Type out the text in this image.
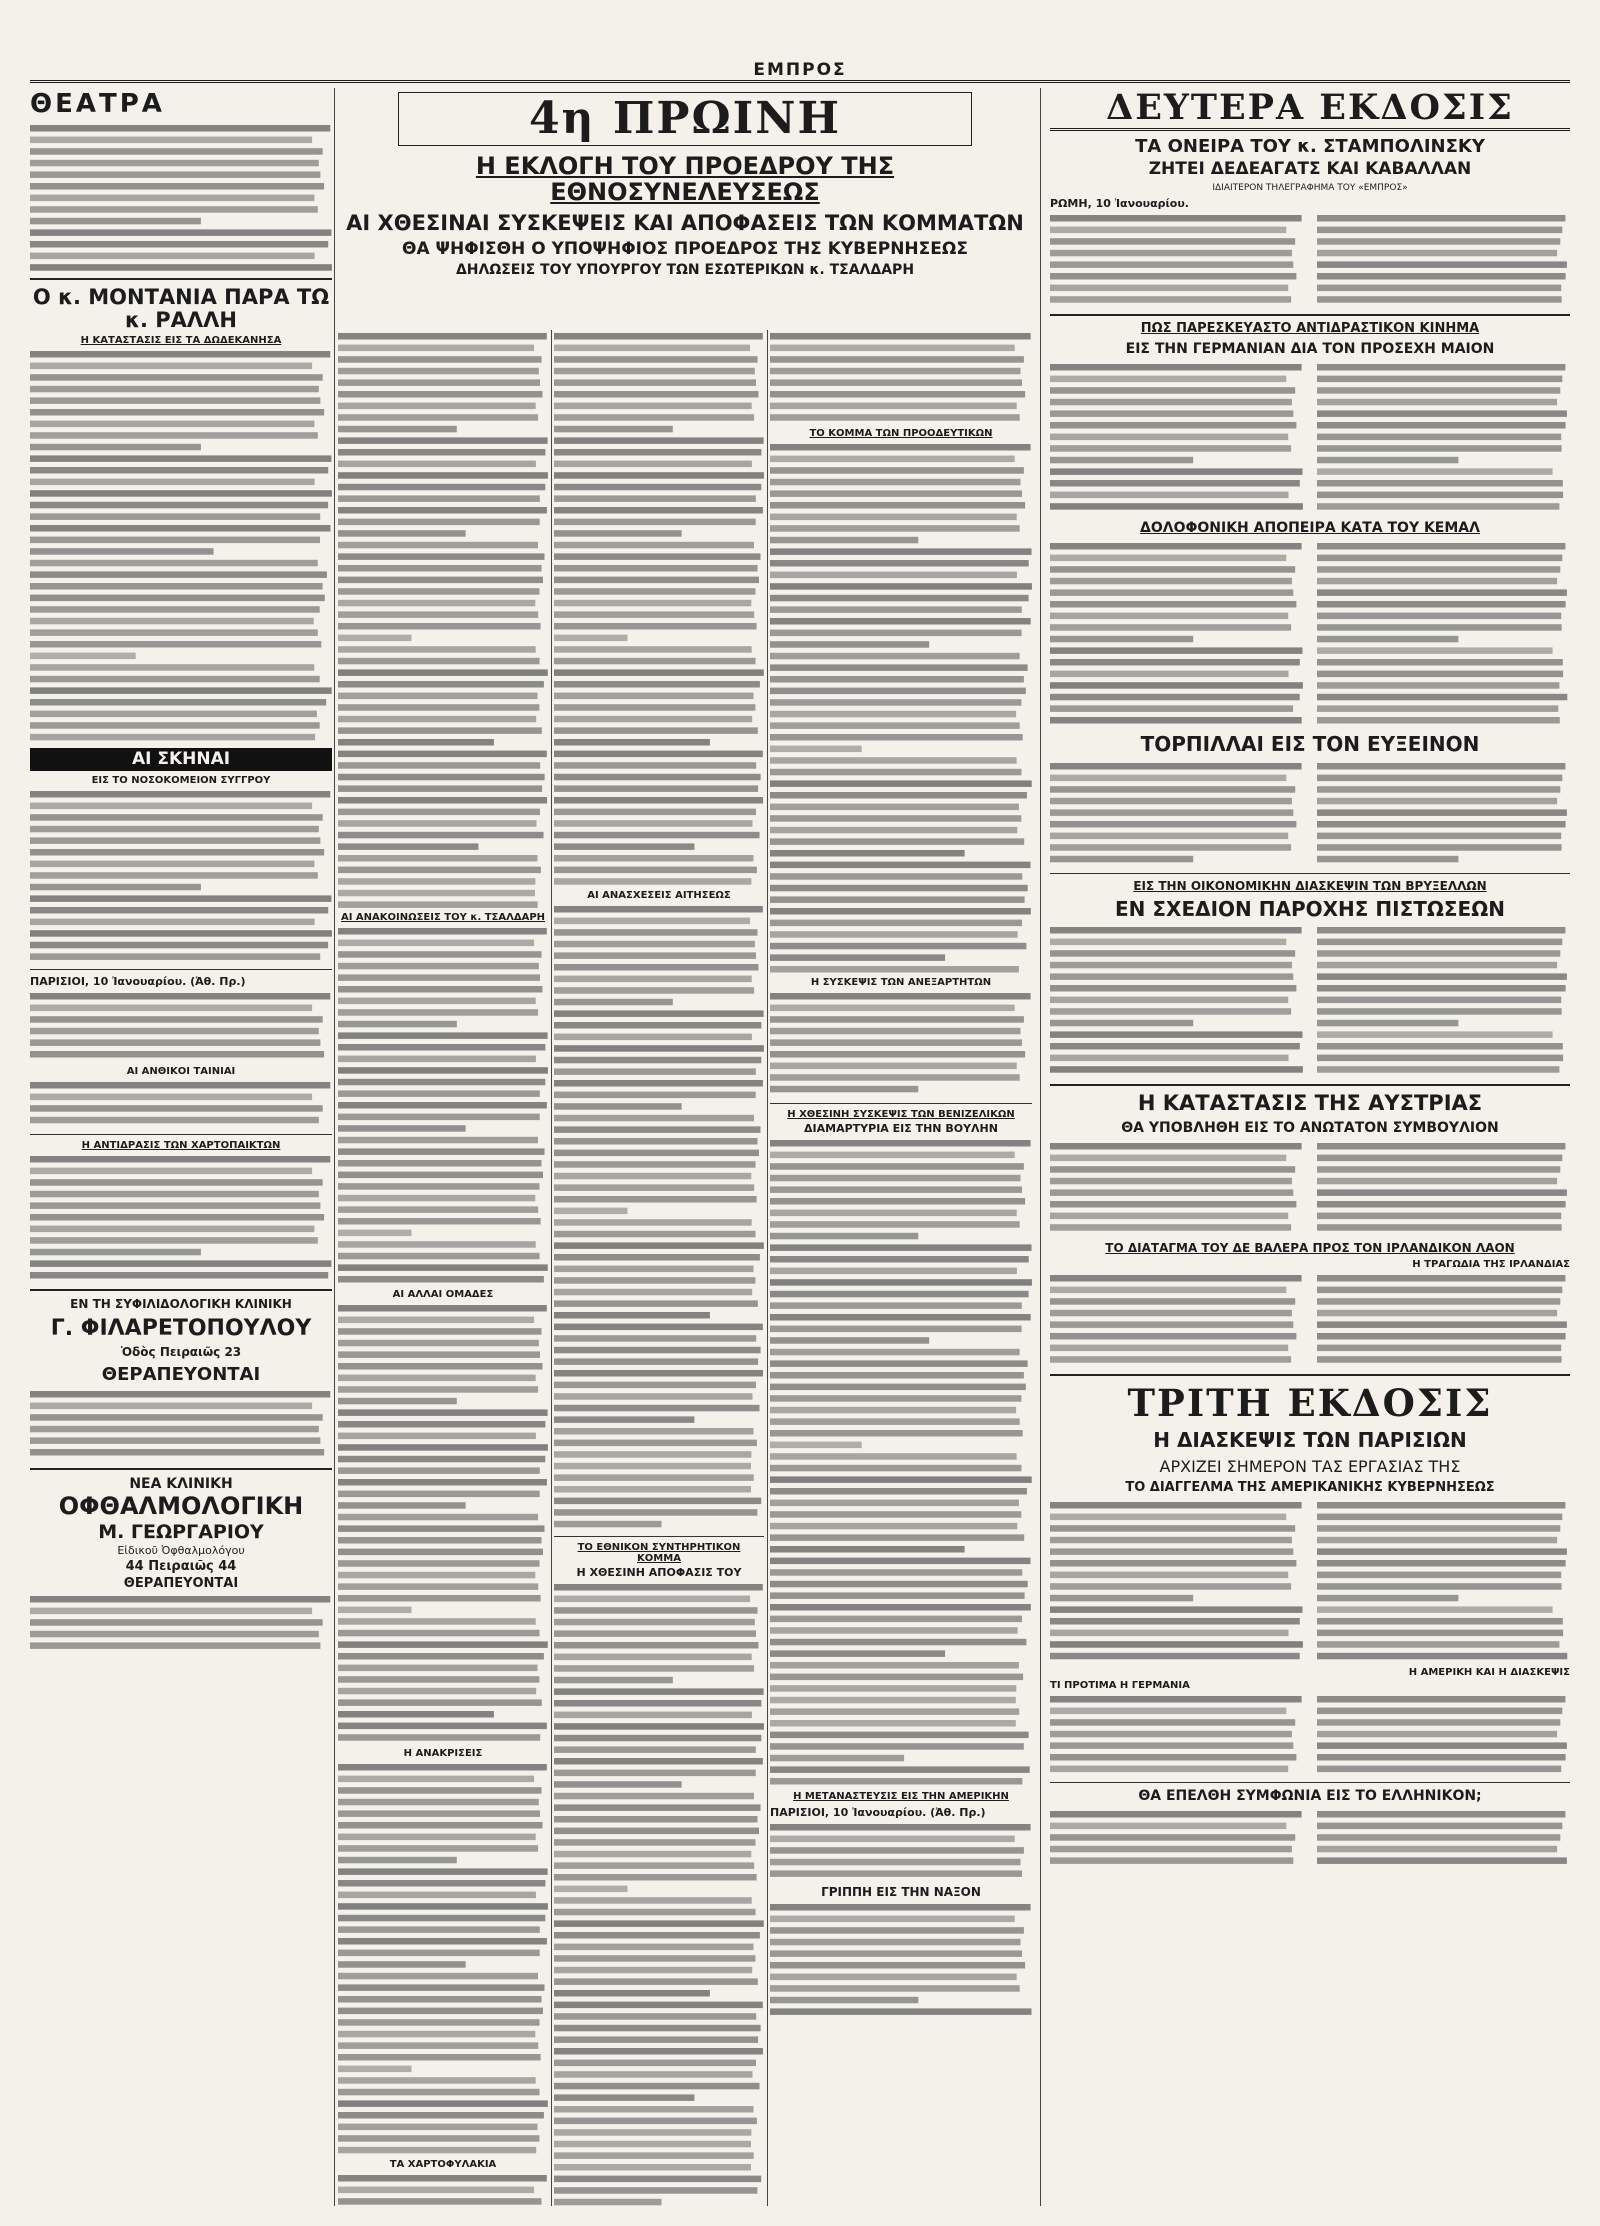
ΕΜΠΡΟΣ
ΘΕΑΤΡΑ
Ο κ. ΜΟΝΤΑΝΙΑ ΠΑΡΑ ΤΩ κ. ΡΑΛΛΗ
Η ΚΑΤΑΣΤΑΣΙΣ ΕΙΣ ΤΑ ΔΩΔΕΚΑΝΗΣΑ
ΑΙ ΣΚΗΝΑΙ
ΕΙΣ ΤΟ ΝΟΣΟΚΟΜΕΙΟΝ ΣΥΓΓΡΟΥ
ΠΑΡΙΣΙΟΙ, 10 Ἰανουαρίου. (Ἀθ. Πρ.)
ΑΙ ΑΝΘΙΚΟΙ ΤΑΙΝΙΑΙ
Η ΑΝΤΙΔΡΑΣΙΣ ΤΩΝ ΧΑΡΤΟΠΑΙΚΤΩΝ
ΕΝ ΤΗ ΣΥΦΙΛΙΔΟΛΟΓΙΚΗ ΚΛΙΝΙΚΗ
Γ. ΦΙΛΑΡΕΤΟΠΟΥΛΟΥ
Ὁδὸς Πειραιῶς 23
ΘΕΡΑΠΕΥΟΝΤΑΙ
ΝΕΑ ΚΛΙΝΙΚΗ
ΟΦΘΑΛΜΟΛΟΓΙΚΗ
Μ. ΓΕΩΡΓΑΡΙΟΥ
Εἰδικοῦ Ὀφθαλμολόγου
44 Πειραιῶς 44
ΘΕΡΑΠΕΥΟΝΤΑΙ
4η ΠΡΩΙΝΗ
Η ΕΚΛΟΓΗ ΤΟΥ ΠΡΟΕΔΡΟΥ ΤΗΣ ΕΘΝΟΣΥΝΕΛΕΥΣΕΩΣ
ΑΙ ΧΘΕΣΙΝΑΙ ΣΥΣΚΕΨΕΙΣ ΚΑΙ ΑΠΟΦΑΣΕΙΣ ΤΩΝ ΚΟΜΜΑΤΩΝ
ΘΑ ΨΗΦΙΣΘΗ Ο ΥΠΟΨΗΦΙΟΣ ΠΡΟΕΔΡΟΣ ΤΗΣ ΚΥΒΕΡΝΗΣΕΩΣ
ΔΗΛΩΣΕΙΣ ΤΟΥ ΥΠΟΥΡΓΟΥ ΤΩΝ ΕΣΩΤΕΡΙΚΩΝ κ. ΤΣΑΛΔΑΡΗ
ΑΙ ΑΝΑΚΟΙΝΩΣΕΙΣ ΤΟΥ κ. ΤΣΑΛΔΑΡΗ
ΑΙ ΑΛΛΑΙ ΟΜΑΔΕΣ
Η ΑΝΑΚΡΙΣΕΙΣ
ΤΑ ΧΑΡΤΟΦΥΛΑΚΙΑ
ΑΙ ΑΝΑΣΧΕΣΕΙΣ ΑΙΤΗΣΕΩΣ
ΤΟ ΕΘΝΙΚΟΝ ΣΥΝΤΗΡΗΤΙΚΟΝ ΚΟΜΜΑ
Η ΧΘΕΣΙΝΗ ΑΠΟΦΑΣΙΣ ΤΟΥ
ΤΟ ΚΟΜΜΑ ΤΩΝ ΠΡΟΟΔΕΥΤΙΚΩΝ
Η ΣΥΣΚΕΨΙΣ ΤΩΝ ΑΝΕΞΑΡΤΗΤΩΝ
Η ΧΘΕΣΙΝΗ ΣΥΣΚΕΨΙΣ ΤΩΝ ΒΕΝΙΖΕΛΙΚΩΝ
ΔΙΑΜΑΡΤΥΡΙΑ ΕΙΣ ΤΗΝ ΒΟΥΛΗΝ
Η ΜΕΤΑΝΑΣΤΕΥΣΙΣ ΕΙΣ ΤΗΝ ΑΜΕΡΙΚΗΝ
ΠΑΡΙΣΙΟΙ, 10 Ἰανουαρίου. (Ἀθ. Πρ.)
ΓΡΙΠΠΗ ΕΙΣ ΤΗΝ ΝΑΞΟΝ
ΔΕΥΤΕΡΑ ΕΚΔΟΣΙΣ
ΤΑ ΟΝΕΙΡΑ ΤΟΥ κ. ΣΤΑΜΠΟΛΙΝΣΚΥ
ΖΗΤΕΙ ΔΕΔΕΑΓΑΤΣ ΚΑΙ ΚΑΒΑΛΛΑΝ
ΙΔΙΑΙΤΕΡΟΝ ΤΗΛΕΓΡΑΦΗΜΑ ΤΟΥ «ΕΜΠΡΟΣ»
ΡΩΜΗ, 10 Ἰανουαρίου.
ΠΩΣ ΠΑΡΕΣΚΕΥΑΣΤΟ ΑΝΤΙΔΡΑΣΤΙΚΟΝ ΚΙΝΗΜΑ
ΕΙΣ ΤΗΝ ΓΕΡΜΑΝΙΑΝ ΔΙΑ ΤΟΝ ΠΡΟΣΕΧΗ ΜΑΙΟΝ
ΔΟΛΟΦΟΝΙΚΗ ΑΠΟΠΕΙΡΑ ΚΑΤΑ ΤΟΥ ΚΕΜΑΛ
ΤΟΡΠΙΛΛΑΙ ΕΙΣ ΤΟΝ ΕΥΞΕΙΝΟΝ
ΕΙΣ ΤΗΝ ΟΙΚΟΝΟΜΙΚΗΝ ΔΙΑΣΚΕΨΙΝ ΤΩΝ ΒΡΥΞΕΛΛΩΝ
ΕΝ ΣΧΕΔΙΟΝ ΠΑΡΟΧΗΣ ΠΙΣΤΩΣΕΩΝ
Η ΚΑΤΑΣΤΑΣΙΣ ΤΗΣ ΑΥΣΤΡΙΑΣ
ΘΑ ΥΠΟΒΛΗΘΗ ΕΙΣ ΤΟ ΑΝΩΤΑΤΟΝ ΣΥΜΒΟΥΛΙΟΝ
ΤΟ ΔΙΑΤΑΓΜΑ ΤΟΥ ΔΕ ΒΑΛΕΡΑ ΠΡΟΣ ΤΟΝ ΙΡΛΑΝΔΙΚΟΝ ΛΑΟΝ
Η ΤΡΑΓΩΔΙΑ ΤΗΣ ΙΡΛΑΝΔΙΑΣ
ΤΡΙΤΗ ΕΚΔΟΣΙΣ
Η ΔΙΑΣΚΕΨΙΣ ΤΩΝ ΠΑΡΙΣΙΩΝ
ΑΡΧΙΖΕΙ ΣΗΜΕΡΟΝ ΤΑΣ ΕΡΓΑΣΙΑΣ ΤΗΣ
ΤΟ ΔΙΑΓΓΕΛΜΑ ΤΗΣ ΑΜΕΡΙΚΑΝΙΚΗΣ ΚΥΒΕΡΝΗΣΕΩΣ
Η ΑΜΕΡΙΚΗ ΚΑΙ Η ΔΙΑΣΚΕΨΙΣ
ΤΙ ΠΡΟΤΙΜΑ Η ΓΕΡΜΑΝΙΑ
ΘΑ ΕΠΕΛΘΗ ΣΥΜΦΩΝΙΑ ΕΙΣ ΤΟ ΕΛΛΗΝΙΚΟΝ;
